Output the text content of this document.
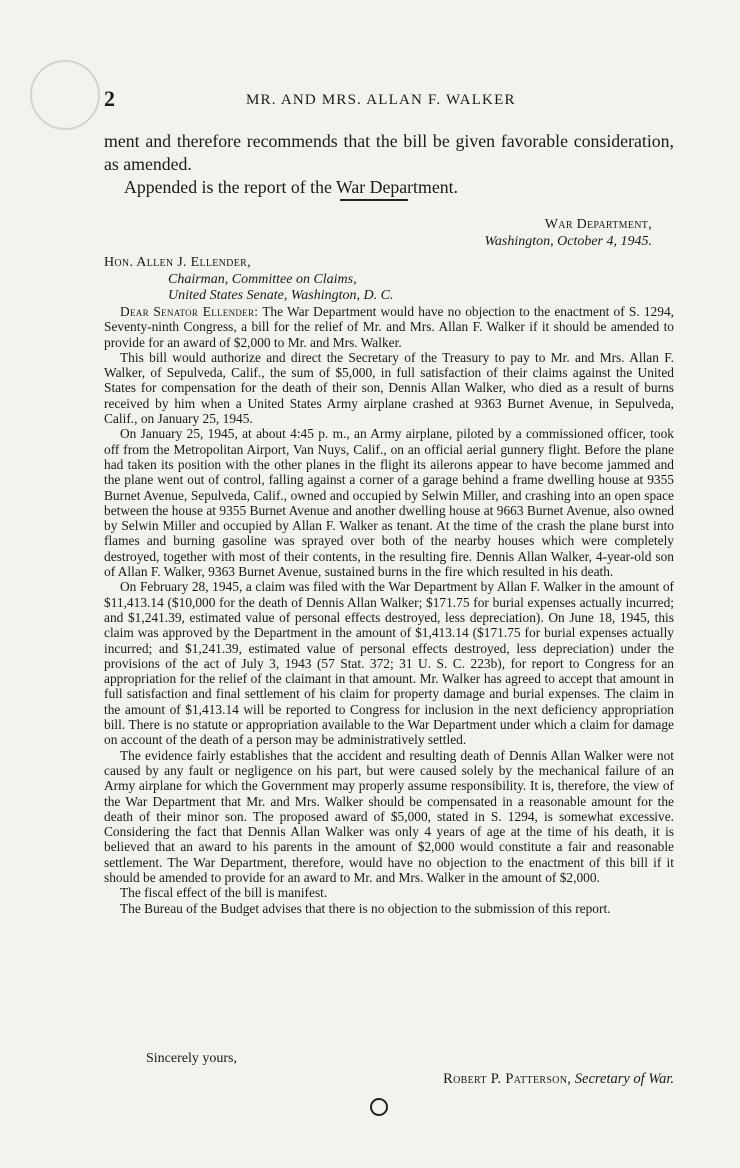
2	MR. AND MRS. ALLAN F. WALKER

ment and therefore recommends that the bill be given favorable consideration, as amended.

Appended is the report of the War Department.

War Department,
Washington, October 4, 1945.
Hon. Allen J. Ellender,
Chairman, Committee on Claims,
United States Senate, Washington, D. C.

Dear Senator Ellender: The War Department would have no objection to the enactment of S. 1294, Seventy-ninth Congress, a bill for the relief of Mr. and Mrs. Allan F. Walker if it should be amended to provide for an award of $2,000 to Mr. and Mrs. Walker.

This bill would authorize and direct the Secretary of the Treasury to pay to Mr. and Mrs. Allan F. Walker, of Sepulveda, Calif., the sum of $5,000, in full satisfaction of their claims against the United States for compensation for the death of their son, Dennis Allan Walker, who died as a result of burns received by him when a United States Army airplane crashed at 9363 Burnet Avenue, in Sepulveda, Calif., on January 25, 1945.

On January 25, 1945, at about 4:45 p. m., an Army airplane, piloted by a commissioned officer, took off from the Metropolitan Airport, Van Nuys, Calif., on an official aerial gunnery flight. Before the plane had taken its position with the other planes in the flight its ailerons appear to have become jammed and the plane went out of control, falling against a corner of a garage behind a frame dwelling house at 9355 Burnet Avenue, Sepulveda, Calif., owned and occupied by Selwin Miller, and crashing into an open space between the house at 9355 Burnet Avenue and another dwelling house at 9663 Burnet Avenue, also owned by Selwin Miller and occupied by Allan F. Walker as tenant. At the time of the crash the plane burst into flames and burning gasoline was sprayed over both of the nearby houses which were completely destroyed, together with most of their contents, in the resulting fire. Dennis Allan Walker, 4-year-old son of Allan F. Walker, 9363 Burnet Avenue, sustained burns in the fire which resulted in his death.

On February 28, 1945, a claim was filed with the War Department by Allan F. Walker in the amount of $11,413.14 ($10,000 for the death of Dennis Allan Walker; $171.75 for burial expenses actually incurred; and $1,241.39, estimated value of personal effects destroyed, less depreciation). On June 18, 1945, this claim was approved by the Department in the amount of $1,413.14 ($171.75 for burial expenses actually incurred; and $1,241.39, estimated value of personal effects destroyed, less depreciation) under the provisions of the act of July 3, 1943 (57 Stat. 372; 31 U. S. C. 223b), for report to Congress for an appropriation for the relief of the claimant in that amount. Mr. Walker has agreed to accept that amount in full satisfaction and final settlement of his claim for property damage and burial expenses. The claim in the amount of $1,413.14 will be reported to Congress for inclusion in the next deficiency appropriation bill. There is no statute or appropriation available to the War Department under which a claim for damage on account of the death of a person may be administratively settled.

The evidence fairly establishes that the accident and resulting death of Dennis Allan Walker were not caused by any fault or negligence on his part, but were caused solely by the mechanical failure of an Army airplane for which the Government may properly assume responsibility. It is, therefore, the view of the War Department that Mr. and Mrs. Walker should be compensated in a reasonable amount for the death of their minor son. The proposed award of $5,000, stated in S. 1294, is somewhat excessive. Considering the fact that Dennis Allan Walker was only 4 years of age at the time of his death, it is believed that an award to his parents in the amount of $2,000 would constitute a fair and reasonable settlement. The War Department, therefore, would have no objection to the enactment of this bill if it should be amended to provide for an award to Mr. and Mrs. Walker in the amount of $2,000.

The fiscal effect of the bill is manifest.

The Bureau of the Budget advises that there is no objection to the submission of this report.

Sincerely yours,
Robert P. Patterson, Secretary of War.
